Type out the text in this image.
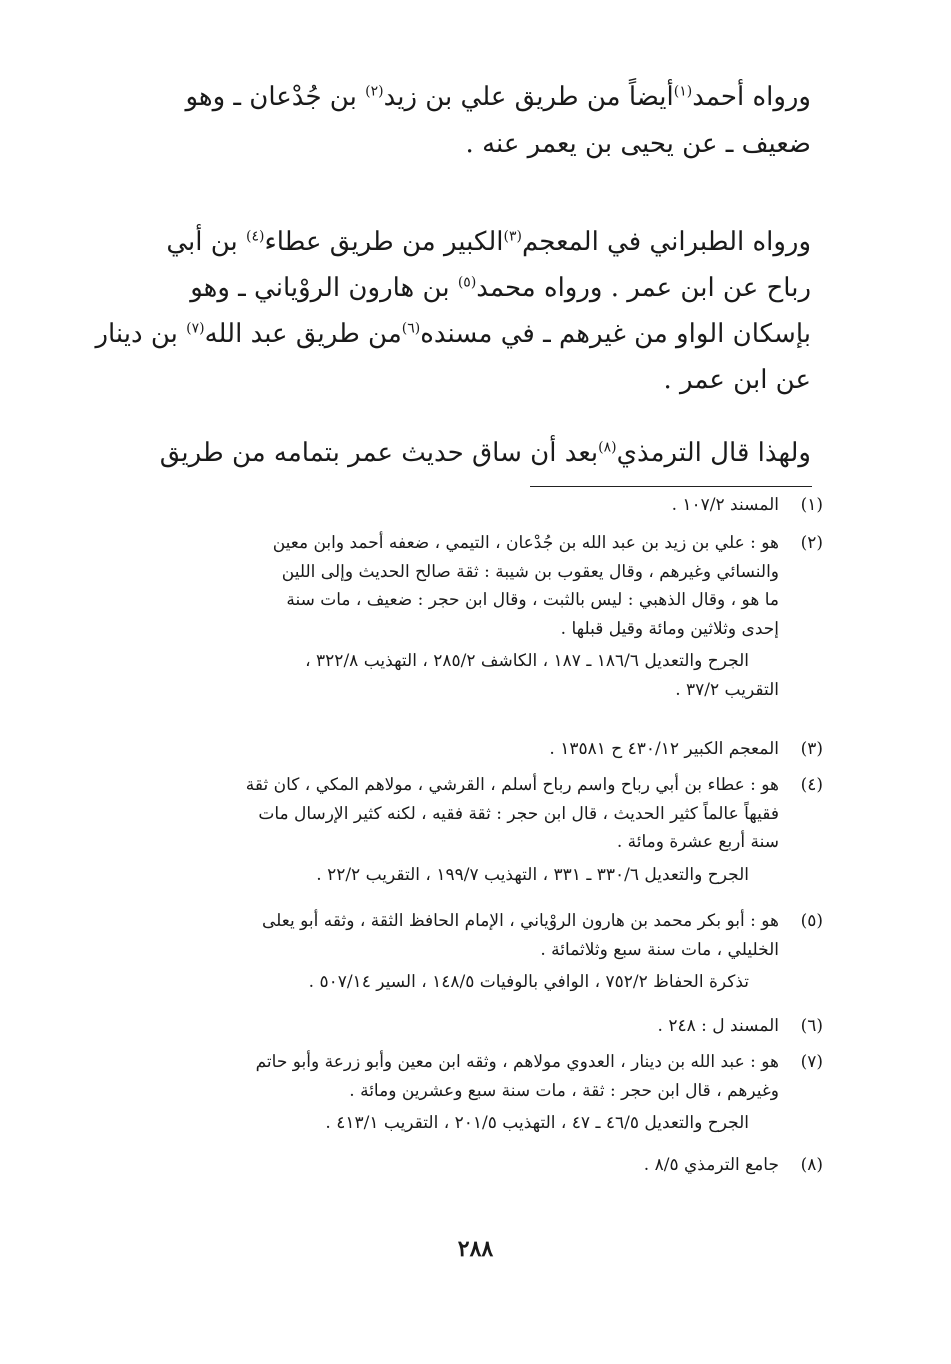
ورواه أحمد$^{(١)}$أيضاً من طريق علي بن زيد$^{(٢)}$ بن جُدْعان ـ وهو
ضعيف ـ عن يحيى بن يعمر عنه .
ورواه الطبراني في المعجم$^{(٣)}$الكبير من طريق عطاء$^{(٤)}$ بن أبي
رباح عن ابن عمر . ورواه محمد$^{(٥)}$ بن هارون الروْياني ـ وهو
بإسكان الواو من غيرهم ـ في مسنده$^{(٦)}$من طريق عبد الله$^{(٧)}$ بن دينار
عن ابن عمر .
ولهذا قال الترمذي$^{(٨)}$بعد أن ساق حديث عمر بتمامه من طريق
(١)
المسند ١٠٧/٢ .
(٢)
هو : علي بن زيد بن عبد الله بن جُدْعان ، التيمي ، ضعفه أحمد وابن معين
والنسائي وغيرهم ، وقال يعقوب بن شيبة : ثقة صالح الحديث وإلى اللين
ما هو ، وقال الذهبي : ليس بالثبت ، وقال ابن حجر : ضعيف ، مات سنة
إحدى وثلاثين ومائة وقيل قبلها .
الجرح والتعديل ١٨٦/٦ ـ ١٨٧ ، الكاشف ٢٨٥/٢ ، التهذيب ٣٢٢/٨ ،
التقريب ٣٧/٢ .
(٣)
المعجم الكبير ٤٣٠/١٢ ح ١٣٥٨١ .
(٤)
هو : عطاء بن أبي رباح واسم رباح أسلم ، القرشي ، مولاهم المكي ، كان ثقة
فقيهاً عالماً كثير الحديث ، قال ابن حجر : ثقة فقيه ، لكنه كثير الإرسال مات
سنة أربع عشرة ومائة .
الجرح والتعديل ٣٣٠/٦ ـ ٣٣١ ، التهذيب ١٩٩/٧ ، التقريب ٢٢/٢ .
(٥)
هو : أبو بكر محمد بن هارون الروْياني ، الإمام الحافظ الثقة ، وثقه أبو يعلى
الخليلي ، مات سنة سبع وثلاثمائة .
تذكرة الحفاظ ٧٥٢/٢ ، الوافي بالوفيات ١٤٨/٥ ، السير ٥٠٧/١٤ .
(٦)
المسند ل : ٢٤٨ .
(٧)
هو : عبد الله بن دينار ، العدوي مولاهم ، وثقه ابن معين وأبو زرعة وأبو حاتم
وغيرهم ، قال ابن حجر : ثقة ، مات سنة سبع وعشرين ومائة .
الجرح والتعديل ٤٦/٥ ـ ٤٧ ، التهذيب ٢٠١/٥ ، التقريب ٤١٣/١ .
(٨)
جامع الترمذي ٨/٥ .
٢٨٨
